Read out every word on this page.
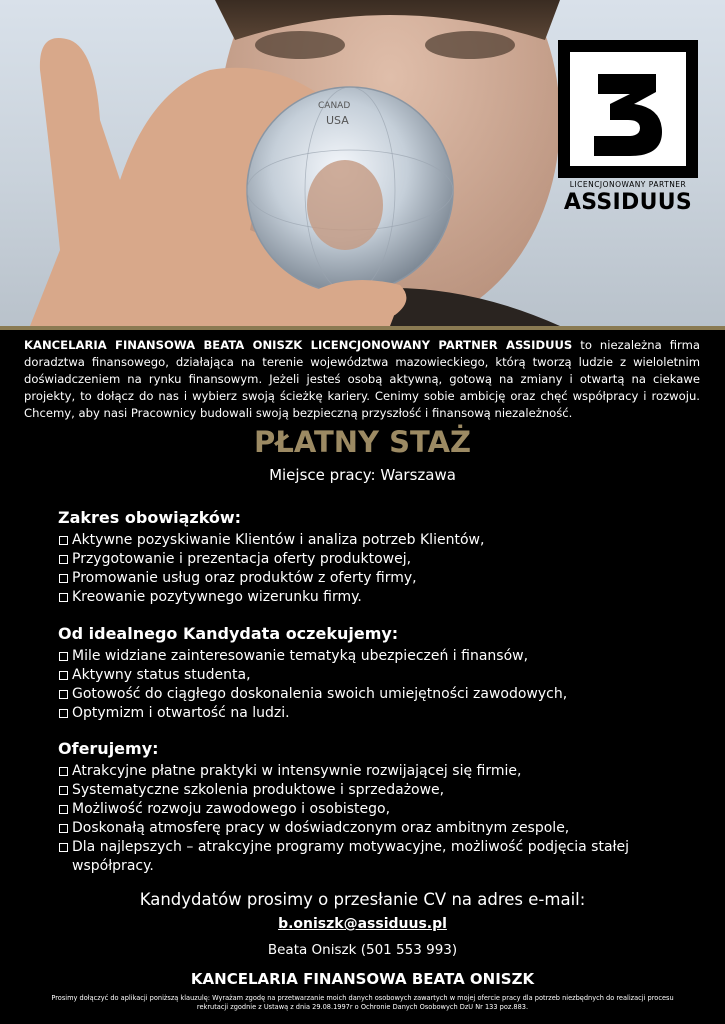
CANAD
USA
3
LICENCJONOWANY PARTNER
ASSIDUUS
KANCELARIA FINANSOWA BEATA ONISZK LICENCJONOWANY PARTNER ASSIDUUS to niezależna firma doradztwa finansowego, działająca na terenie województwa mazowieckiego, którą tworzą ludzie z wieloletnim doświadczeniem na rynku finansowym. Jeżeli jesteś osobą aktywną, gotową na zmiany i otwartą na ciekawe projekty, to dołącz do nas i wybierz swoją ścieżkę kariery. Cenimy sobie ambicję oraz chęć współpracy i rozwoju. Chcemy, aby nasi Pracownicy budowali swoją bezpieczną przyszłość i finansową niezależność.
PŁATNY STAŻ
Miejsce pracy: Warszawa
Zakres obowiązków:
Aktywne pozyskiwanie Klientów i analiza potrzeb Klientów,
Przygotowanie i prezentacja oferty produktowej,
Promowanie usług oraz produktów z oferty firmy,
Kreowanie pozytywnego wizerunku firmy.
Od idealnego Kandydata oczekujemy:
Mile widziane zainteresowanie tematyką ubezpieczeń i finansów,
Aktywny status studenta,
Gotowość do ciągłego doskonalenia swoich umiejętności zawodowych,
Optymizm i otwartość na ludzi.
Oferujemy:
Atrakcyjne płatne praktyki w intensywnie rozwijającej się firmie,
Systematyczne szkolenia produktowe i sprzedażowe,
Możliwość rozwoju zawodowego i osobistego,
Doskonałą atmosferę pracy w doświadczonym oraz ambitnym zespole,
Dla najlepszych – atrakcyjne programy motywacyjne, możliwość podjęcia stałej współpracy.
Kandydatów prosimy o przesłanie CV na adres e-mail:
b.oniszk@assiduus.pl
Beata Oniszk (501 553 993)
KANCELARIA FINANSOWA BEATA ONISZK
Prosimy dołączyć do aplikacji poniższą klauzulę: Wyrażam zgodę na przetwarzanie moich danych osobowych zawartych w mojej ofercie pracy dla potrzeb niezbędnych do realizacji procesu rekrutacji zgodnie z Ustawą z dnia 29.08.1997r o Ochronie Danych Osobowych DzU Nr 133 poz.883.
